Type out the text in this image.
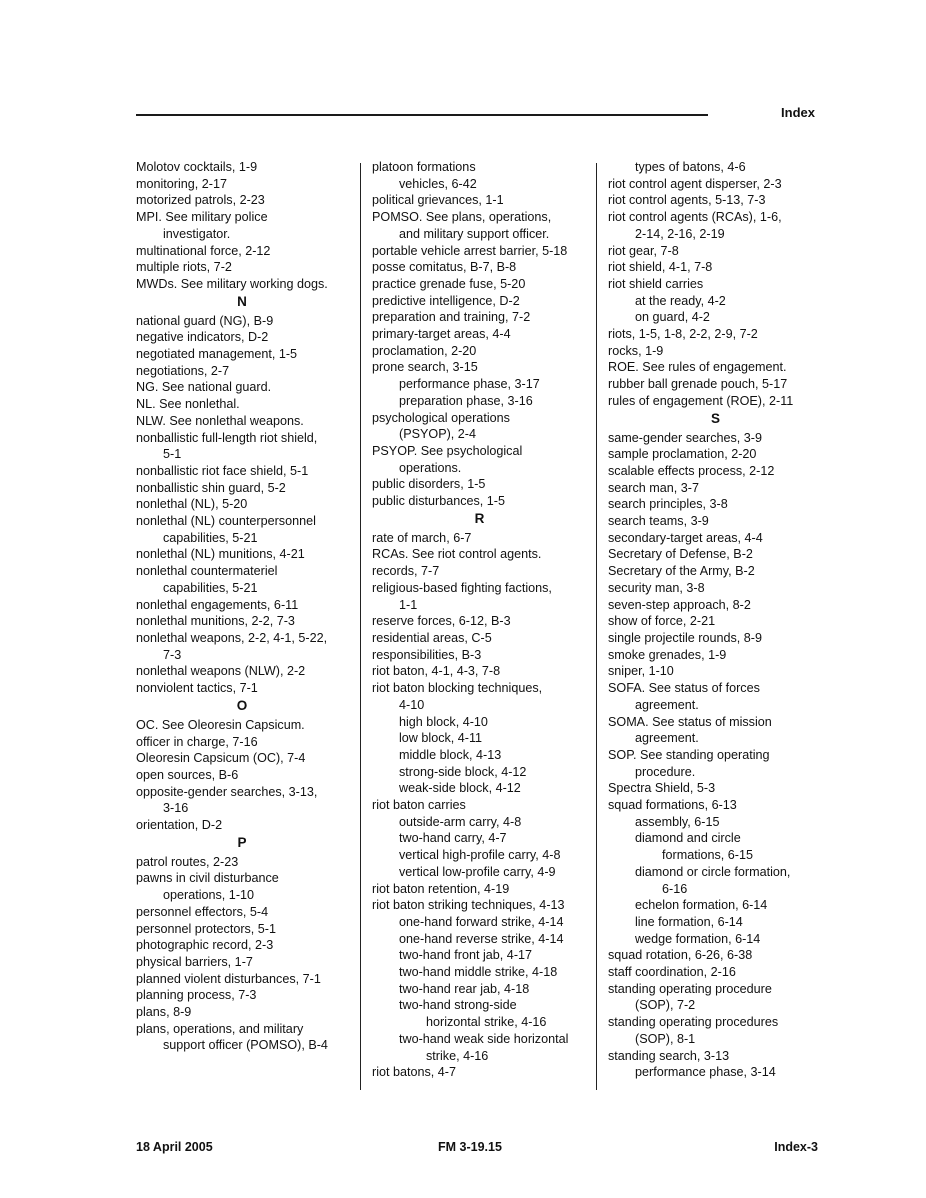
Index
Molotov cocktails, 1-9
monitoring, 2-17
motorized patrols, 2-23
MPI. See military police
investigator.
multinational force, 2-12
multiple riots, 7-2
MWDs. See military working dogs.
N
national guard (NG), B-9
negative indicators, D-2
negotiated management, 1-5
negotiations, 2-7
NG. See national guard.
NL. See nonlethal.
NLW. See nonlethal weapons.
nonballistic full-length riot shield,
5-1
nonballistic riot face shield, 5-1
nonballistic shin guard, 5-2
nonlethal (NL), 5-20
nonlethal (NL) counterpersonnel
capabilities, 5-21
nonlethal (NL) munitions, 4-21
nonlethal countermateriel
capabilities, 5-21
nonlethal engagements, 6-11
nonlethal munitions, 2-2, 7-3
nonlethal weapons, 2-2, 4-1, 5-22,
7-3
nonlethal weapons (NLW), 2-2
nonviolent tactics, 7-1
O
OC. See Oleoresin Capsicum.
officer in charge, 7-16
Oleoresin Capsicum (OC), 7-4
open sources, B-6
opposite-gender searches, 3-13,
3-16
orientation, D-2
P
patrol routes, 2-23
pawns in civil disturbance
operations, 1-10
personnel effectors, 5-4
personnel protectors, 5-1
photographic record, 2-3
physical barriers, 1-7
planned violent disturbances, 7-1
planning process, 7-3
plans, 8-9
plans, operations, and military
support officer (POMSO), B-4
platoon formations
vehicles, 6-42
political grievances, 1-1
POMSO. See plans, operations,
and military support officer.
portable vehicle arrest barrier, 5-18
posse comitatus, B-7, B-8
practice grenade fuse, 5-20
predictive intelligence, D-2
preparation and training, 7-2
primary-target areas, 4-4
proclamation, 2-20
prone search, 3-15
performance phase, 3-17
preparation phase, 3-16
psychological operations
(PSYOP), 2-4
PSYOP. See psychological
operations.
public disorders, 1-5
public disturbances, 1-5
R
rate of march, 6-7
RCAs. See riot control agents.
records, 7-7
religious-based fighting factions,
1-1
reserve forces, 6-12, B-3
residential areas, C-5
responsibilities, B-3
riot baton, 4-1, 4-3, 7-8
riot baton blocking techniques,
4-10
high block, 4-10
low block, 4-11
middle block, 4-13
strong-side block, 4-12
weak-side block, 4-12
riot baton carries
outside-arm carry, 4-8
two-hand carry, 4-7
vertical high-profile carry, 4-8
vertical low-profile carry, 4-9
riot baton retention, 4-19
riot baton striking techniques, 4-13
one-hand forward strike, 4-14
one-hand reverse strike, 4-14
two-hand front jab, 4-17
two-hand middle strike, 4-18
two-hand rear jab, 4-18
two-hand strong-side
horizontal strike, 4-16
two-hand weak side horizontal
strike, 4-16
riot batons, 4-7
types of batons, 4-6
riot control agent disperser, 2-3
riot control agents, 5-13, 7-3
riot control agents (RCAs), 1-6,
2-14, 2-16, 2-19
riot gear, 7-8
riot shield, 4-1, 7-8
riot shield carries
at the ready, 4-2
on guard, 4-2
riots, 1-5, 1-8, 2-2, 2-9, 7-2
rocks, 1-9
ROE. See rules of engagement.
rubber ball grenade pouch, 5-17
rules of engagement (ROE), 2-11
S
same-gender searches, 3-9
sample proclamation, 2-20
scalable effects process, 2-12
search man, 3-7
search principles, 3-8
search teams, 3-9
secondary-target areas, 4-4
Secretary of Defense, B-2
Secretary of the Army, B-2
security man, 3-8
seven-step approach, 8-2
show of force, 2-21
single projectile rounds, 8-9
smoke grenades, 1-9
sniper, 1-10
SOFA. See status of forces
agreement.
SOMA. See status of mission
agreement.
SOP. See standing operating
procedure.
Spectra Shield, 5-3
squad formations, 6-13
assembly, 6-15
diamond and circle
formations, 6-15
diamond or circle formation,
6-16
echelon formation, 6-14
line formation, 6-14
wedge formation, 6-14
squad rotation, 6-26, 6-38
staff coordination, 2-16
standing operating procedure
(SOP), 7-2
standing operating procedures
(SOP), 8-1
standing search, 3-13
performance phase, 3-14
18 April 2005	FM 3-19.15	Index-3
